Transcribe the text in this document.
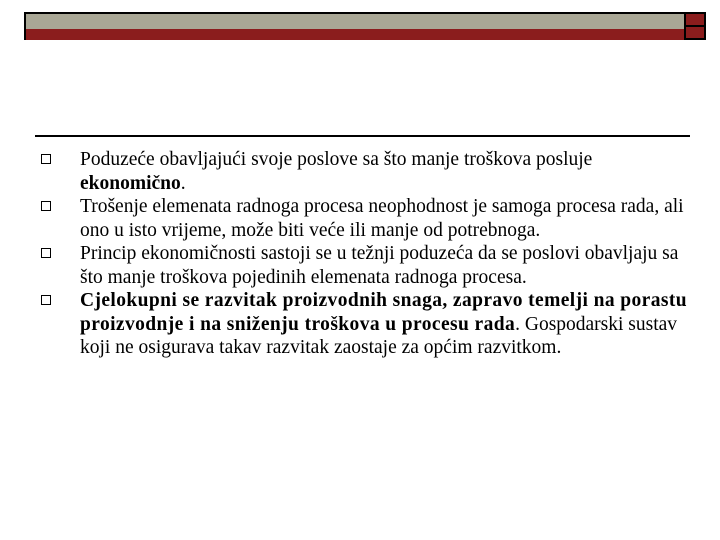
Poduzeće obavljajući svoje poslove sa što manje troškova posluje ekonomično.

Trošenje elemenata radnoga procesa neophodnost je samoga procesa rada, ali ono u isto vrijeme, može biti veće ili manje od potrebnoga.

Princip ekonomičnosti sastoji se u težnji poduzeća da se poslovi obavljaju sa što manje troškova pojedinih elemenata radnoga procesa.

Cjelokupni se razvitak proizvodnih snaga, zapravo temelji na porastu proizvodnje i na sniženju troškova u procesu rada. Gospodarski sustav koji ne osigurava takav razvitak zaostaje za općim razvitkom.
